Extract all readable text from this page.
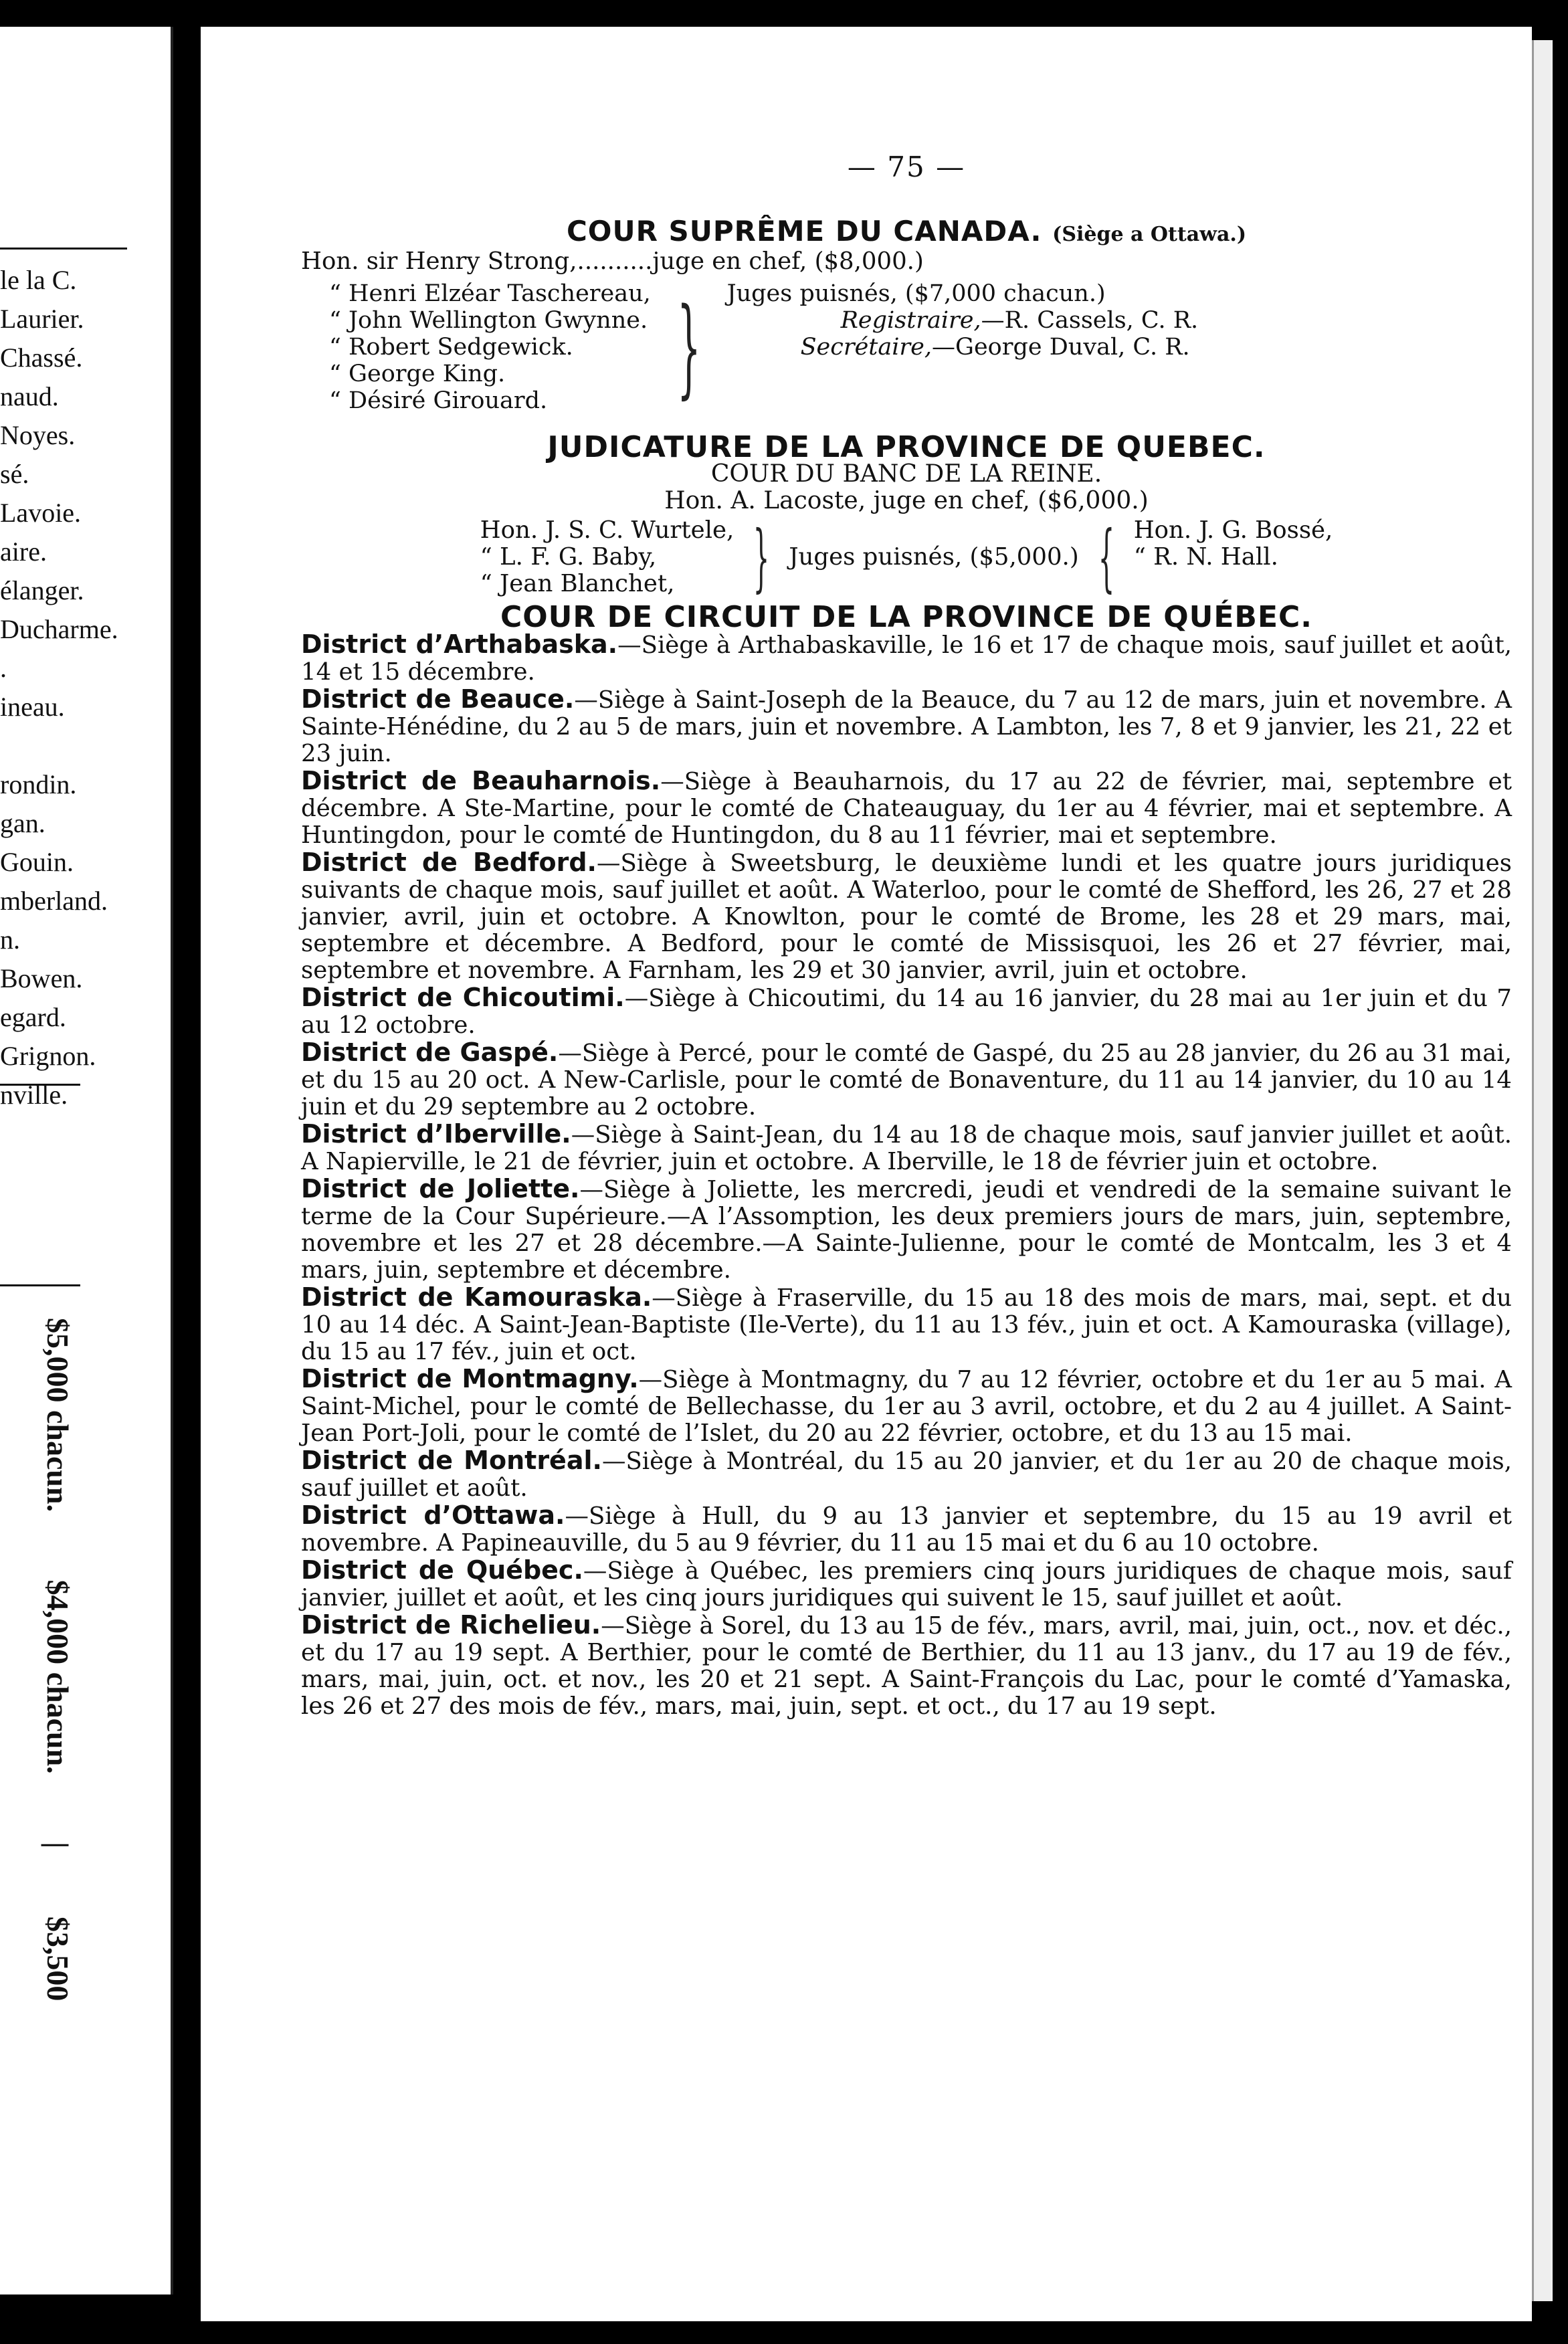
le la C.
Laurier.
Chassé.
naud.
Noyes.
sé.
Lavoie.
aire.
élanger.
Ducharme.
.
ineau.
rondin.
gan.
Gouin.
mberland.
n.
Bowen.
egard.
Grignon.
nville.
$5,000 chacun. $4,000 chacun. | $3,500
— 75 —
COUR SUPRÊME DU CANADA. (Siège a Ottawa.)
Hon. sir Henry Strong,..........juge en chef, ($8,000.)
“ Henri Elzéar Taschereau,
“ John Wellington Gwynne.
“ Robert Sedgewick.
“ George King.
“ Désiré Girouard.	} Juges puisnés, ($7,000 chacun.)
Registraire,—R. Cassels, C. R.
Secrétaire,—George Duval, C. R.

JUDICATURE DE LA PROVINCE DE QUEBEC.
COUR DU BANC DE LA REINE.
Hon. A. Lacoste, juge en chef, ($6,000.)
Hon. J. S. C. Wurtele,
“ L. F. G. Baby,
“ Jean Blanchet,	} Juges puisnés, ($5,000.) { Hon. J. G. Bossé,
“ R. N. Hall.

COUR DE CIRCUIT DE LA PROVINCE DE QUÉBEC.
District d’Arthabaska.—Siège à Arthabaskaville, le 16 et 17 de chaque mois, sauf juillet et août, 14 et 15 décembre.
District de Beauce.—Siège à Saint-Joseph de la Beauce, du 7 au 12 de mars, juin et novembre. A Sainte-Hénédine, du 2 au 5 de mars, juin et novembre. A Lambton, les 7, 8 et 9 janvier, les 21, 22 et 23 juin.
District de Beauharnois.—Siège à Beauharnois, du 17 au 22 de février, mai, septembre et décembre. A Ste-Martine, pour le comté de Chateauguay, du 1er au 4 février, mai et septembre. A Huntingdon, pour le comté de Huntingdon, du 8 au 11 février, mai et septembre.
District de Bedford.—Siège à Sweetsburg, le deuxième lundi et les quatre jours juridiques suivants de chaque mois, sauf juillet et août. A Waterloo, pour le comté de Shefford, les 26, 27 et 28 janvier, avril, juin et octobre. A Knowlton, pour le comté de Brome, les 28 et 29 mars, mai, septembre et décembre. A Bedford, pour le comté de Missisquoi, les 26 et 27 février, mai, septembre et novembre. A Farnham, les 29 et 30 janvier, avril, juin et octobre.
District de Chicoutimi.—Siège à Chicoutimi, du 14 au 16 janvier, du 28 mai au 1er juin et du 7 au 12 octobre.
District de Gaspé.—Siège à Percé, pour le comté de Gaspé, du 25 au 28 janvier, du 26 au 31 mai, et du 15 au 20 oct. A New-Carlisle, pour le comté de Bonaventure, du 11 au 14 janvier, du 10 au 14 juin et du 29 septembre au 2 octobre.
District d’Iberville.—Siège à Saint-Jean, du 14 au 18 de chaque mois, sauf janvier juillet et août. A Napierville, le 21 de février, juin et octobre. A Iberville, le 18 de février juin et octobre.
District de Joliette.—Siège à Joliette, les mercredi, jeudi et vendredi de la semaine suivant le terme de la Cour Supérieure.—A l’Assomption, les deux premiers jours de mars, juin, septembre, novembre et les 27 et 28 décembre.—A Sainte-Julienne, pour le comté de Montcalm, les 3 et 4 mars, juin, septembre et décembre.
District de Kamouraska.—Siège à Fraserville, du 15 au 18 des mois de mars, mai, sept. et du 10 au 14 déc. A Saint-Jean-Baptiste (Ile-Verte), du 11 au 13 fév., juin et oct. A Kamouraska (village), du 15 au 17 fév., juin et oct.
District de Montmagny.—Siège à Montmagny, du 7 au 12 février, octobre et du 1er au 5 mai. A Saint-Michel, pour le comté de Bellechasse, du 1er au 3 avril, octobre, et du 2 au 4 juillet. A Saint-Jean Port-Joli, pour le comté de l’Islet, du 20 au 22 février, octobre, et du 13 au 15 mai.
District de Montréal.—Siège à Montréal, du 15 au 20 janvier, et du 1er au 20 de chaque mois, sauf juillet et août.
District d’Ottawa.—Siège à Hull, du 9 au 13 janvier et septembre, du 15 au 19 avril et novembre. A Papineauville, du 5 au 9 février, du 11 au 15 mai et du 6 au 10 octobre.
District de Québec.—Siège à Québec, les premiers cinq jours juridiques de chaque mois, sauf janvier, juillet et août, et les cinq jours juridiques qui suivent le 15, sauf juillet et août.
District de Richelieu.—Siège à Sorel, du 13 au 15 de fév., mars, avril, mai, juin, oct., nov. et déc., et du 17 au 19 sept. A Berthier, pour le comté de Berthier, du 11 au 13 janv., du 17 au 19 de fév., mars, mai, juin, oct. et nov., les 20 et 21 sept. A Saint-François du Lac, pour le comté d’Yamaska, les 26 et 27 des mois de fév., mars, mai, juin, sept. et oct., du 17 au 19 sept.
